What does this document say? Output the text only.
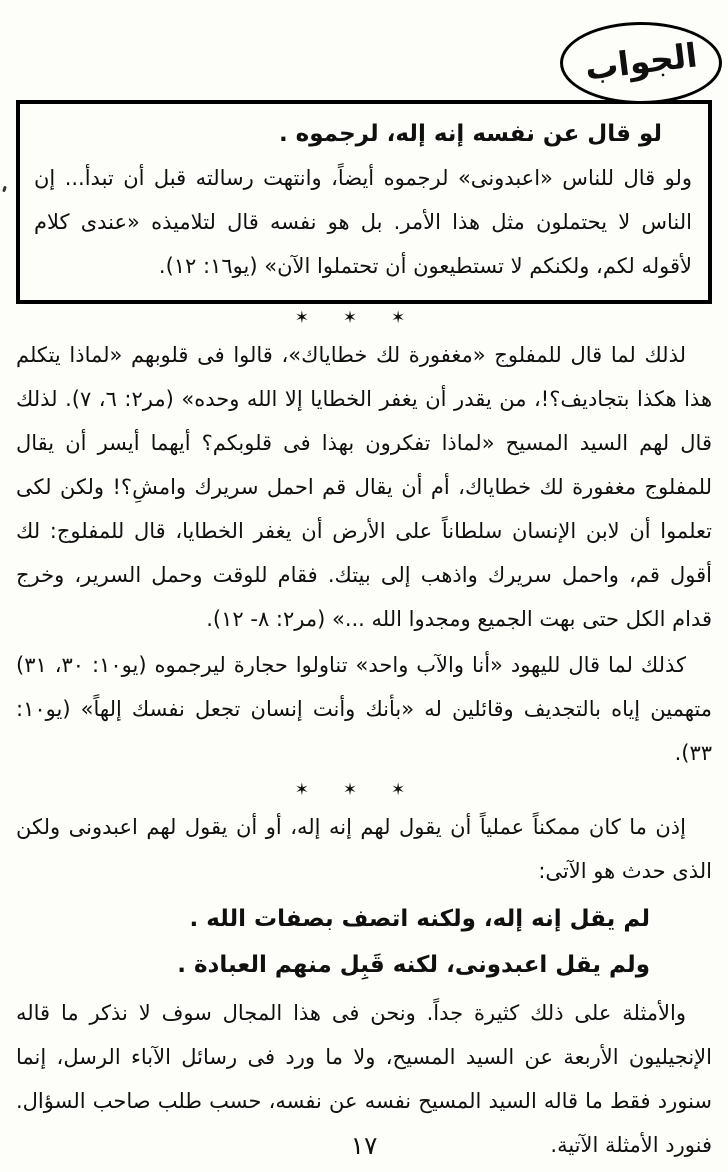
الجواب
لو قال عن نفسه إنه إله، لرجموه .
ولو قال للناس «اعبدونى» لرجموه أيضاً، وانتهت رسالته قبل أن تبدأ... إن الناس لا يحتملون مثل هذا الأمر. بل هو نفسه قال لتلاميذه «عندى كلام لأقوله لكم، ولكنكم لا تستطيعون أن تحتملوا الآن» (يو١٦: ١٢).
✶ ✶ ✶

لذلك لما قال للمفلوج «مغفورة لك خطاياك»، قالوا فى قلوبهم «لماذا يتكلم هذا هكذا بتجاديف؟!، من يقدر أن يغفر الخطايا إلا الله وحده» (مر٢: ٦، ٧). لذلك قال لهم السيد المسيح «لماذا تفكرون بهذا فى قلوبكم؟ أيهما أيسر أن يقال للمفلوج مغفورة لك خطاياك، أم أن يقال قم احمل سريرك وامشِ؟! ولكن لكى تعلموا أن لابن الإنسان سلطاناً على الأرض أن يغفر الخطايا، قال للمفلوج: لك أقول قم، واحمل سريرك واذهب إلى بيتك. فقام للوقت وحمل السرير، وخرج قدام الكل حتى بهت الجميع ومجدوا الله ...» (مر٢: ٨- ١٢).

كذلك لما قال لليهود «أنا والآب واحد» تناولوا حجارة ليرجموه (يو١٠: ٣٠، ٣١) متهمين إياه بالتجديف وقائلين له «بأنك وأنت إنسان تجعل نفسك إلهاً» (يو١٠: ٣٣).

✶ ✶ ✶

إذن ما كان ممكناً عملياً أن يقول لهم إنه إله، أو أن يقول لهم اعبدونى ولكن الذى حدث هو الآتى:

لم يقل إنه إله، ولكنه اتصف بصفات الله .
ولم يقل اعبدونى، لكنه قَبِل منهم العبادة .

والأمثلة على ذلك كثيرة جداً. ونحن فى هذا المجال سوف لا نذكر ما قاله الإنجيليون الأربعة عن السيد المسيح، ولا ما ورد فى رسائل الآباء الرسل، إنما سنورد فقط ما قاله السيد المسيح نفسه عن نفسه، حسب طلب صاحب السؤال. فنورد الأمثلة الآتية.

١٧
